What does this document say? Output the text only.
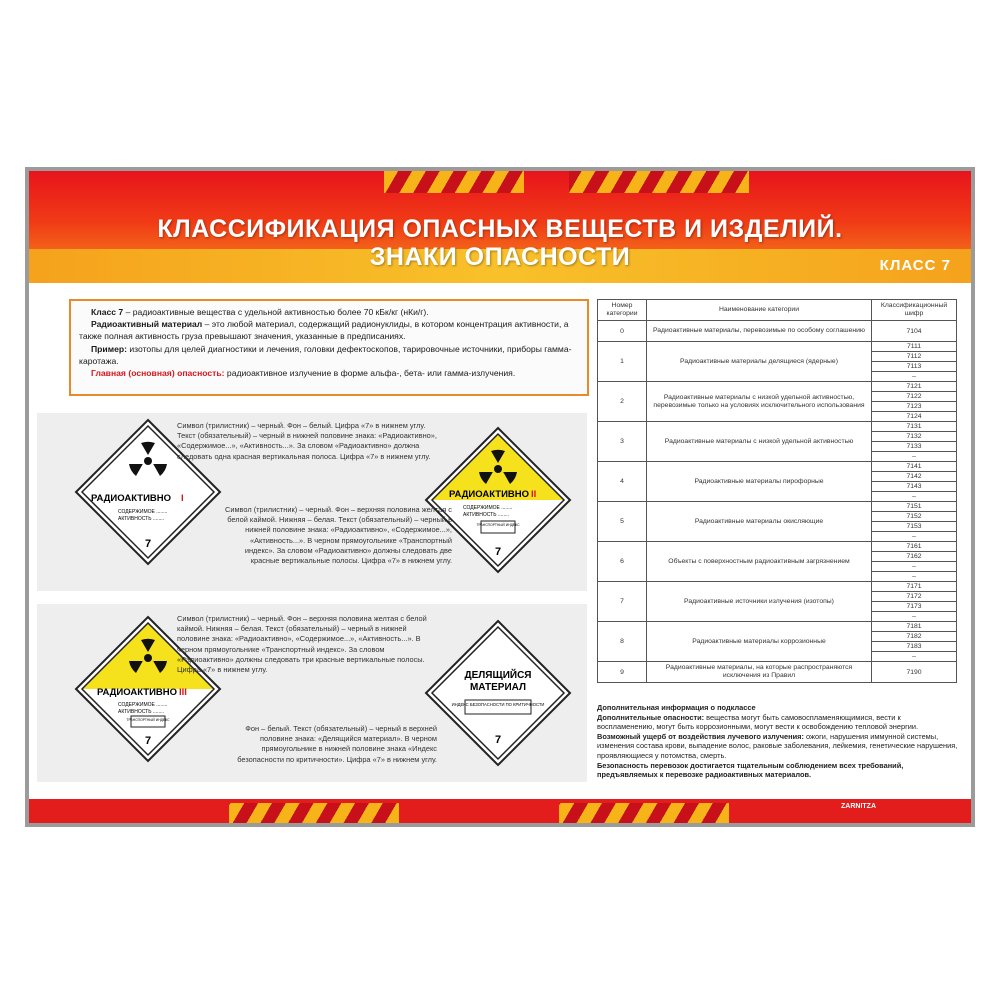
КЛАССИФИКАЦИЯ ОПАСНЫХ ВЕЩЕСТВ И ИЗДЕЛИЙ.
ЗНАКИ ОПАСНОСТИ	КЛАСС 7

Класс 7 – радиоактивные вещества с удельной активностью более 70 кБк/кг (нКи/г).

Радиоактивный материал – это любой материал, содержащий радионуклиды, в котором концентрация активности, а также полная активность груза превышают значения, указанные в предписаниях.

Пример: изотопы для целей диагностики и лечения, головки дефектоскопов, тарировочные источники, приборы гамма-каротажа.

Главная (основная) опасность: радиоактивное излучение в форме альфа-, бета- или гамма-излучения.

РАДИОАКТИВНО I
СОДЕРЖИМОЕ ........
АКТИВНОСТЬ ........
7
Символ (трилистник) – черный. Фон – белый. Цифра «7» в нижнем углу. Текст (обязательный) – черный в нижней половине знака: «Радиоактивно», «Содержимое...», «Активность...». За словом «Радиоактивно» должна следовать одна красная вертикальная полоса. Цифра «7» в нижнем углу.
РАДИОАКТИВНО II
СОДЕРЖИМОЕ ........
АКТИВНОСТЬ ........
ТРАНСПОРТНЫЙ ИНДЕКС
7
Символ (трилистник) – черный. Фон – верхняя половина желтая с белой каймой. Нижняя – белая. Текст (обязательный) – черный в нижней половине знака: «Радиоактивно», «Содержимое...», «Активность...». В черном прямоугольнике «Транспортный индекс». За словом «Радиоактивно» должны следовать две красные вертикальные полосы. Цифра «7» в нижнем углу.
РАДИОАКТИВНО III
СОДЕРЖИМОЕ ........
АКТИВНОСТЬ ........
ТРАНСПОРТНЫЙ ИНДЕКС
7
Символ (трилистник) – черный. Фон – верхняя половина желтая с белой каймой. Нижняя – белая. Текст (обязательный) – черный в нижней половине знака: «Радиоактивно», «Содержимое...», «Активность...». В черном прямоугольнике «Транспортный индекс». За словом «Радиоактивно» должны следовать три красные вертикальные полосы. Цифра «7» в нижнем углу.
ДЕЛЯЩИЙСЯ
МАТЕРИАЛ
ИНДЕКС БЕЗОПАСНОСТИ ПО КРИТИЧНОСТИ
7
Фон – белый. Текст (обязательный) – черный в верхней половине знака: «Делящийся материал». В черном прямоугольнике в нижней половине знака «Индекс безопасности по критичности». Цифра «7» в нижнем углу.
Номер категории	Наименование категории	Классификационный шифр
0	Радиоактивные материалы, перевозимые по особому соглашению	7104
1	Радиоактивные материалы делящиеся (ядерные)	7111
		7112
		7113
		–
2	Радиоактивные материалы с низкой удельной активностью, перевозимые только на условиях исключительного использования	7121
		7122
		7123
		7124
3	Радиоактивные материалы с низкой удельной активностью	7131
		7132
		7133
		–
4	Радиоактивные материалы пирофорные	7141
		7142
		7143
		–
5	Радиоактивные материалы окисляющие	7151
		7152
		7153
		–
6	Объекты с поверхностным радиоактивным загрязнением	7161
		7162
		–
		–
7	Радиоактивные источники излучения (изотопы)	7171
		7172
		7173
		–
8	Радиоактивные материалы коррозионные	7181
		7182
		7183
		–
9	Радиоактивные материалы, на которые распространяются исключения из Правил	7190

Дополнительная информация о подклассе

Дополнительные опасности: вещества могут быть самовоспламеняющимися, вести к воспламенению, могут быть коррозионными, могут вести к освобождению тепловой энергии.

Возможный ущерб от воздействия лучевого излучения: ожоги, нарушения иммунной системы, изменения состава крови, выпадение волос, раковые заболевания, лейкемия, генетические нарушения, проявляющиеся у потомства, смерть.

Безопасность перевозок достигается тщательным соблюдением всех требований, предъявляемых к перевозке радиоактивных материалов.

ZARNITZA
